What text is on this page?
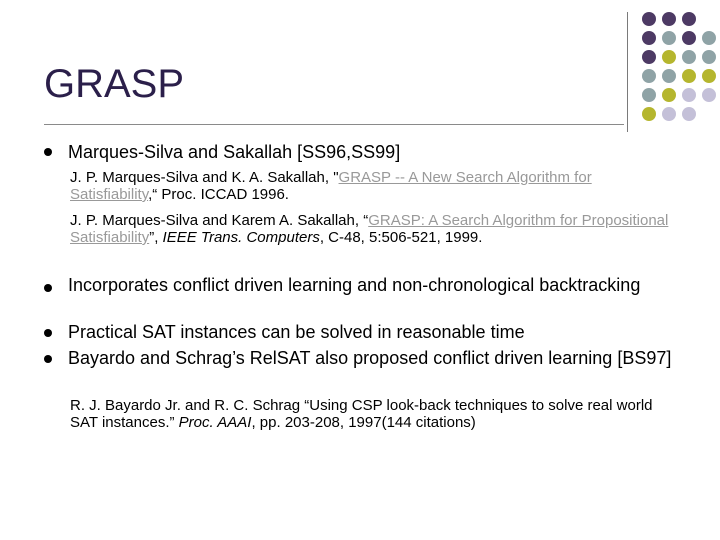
GRASP
Marques-Silva and Sakallah [SS96,SS99]
J. P. Marques-Silva and K. A. Sakallah, "GRASP -- A New Search Algorithm for Satisfiability,“ Proc. ICCAD 1996.
J. P. Marques-Silva and Karem A. Sakallah, “GRASP: A Search Algorithm for Propositional Satisfiability”, IEEE Trans. Computers, C-48, 5:506-521, 1999.
Incorporates conflict driven learning and non-chronological backtracking
Practical SAT instances can be solved in reasonable time
Bayardo and Schrag’s RelSAT also proposed conflict driven learning [BS97]
R. J. Bayardo Jr. and R. C. Schrag “Using CSP look-back techniques to solve real world SAT instances.” Proc. AAAI, pp. 203-208, 1997(144 citations)
